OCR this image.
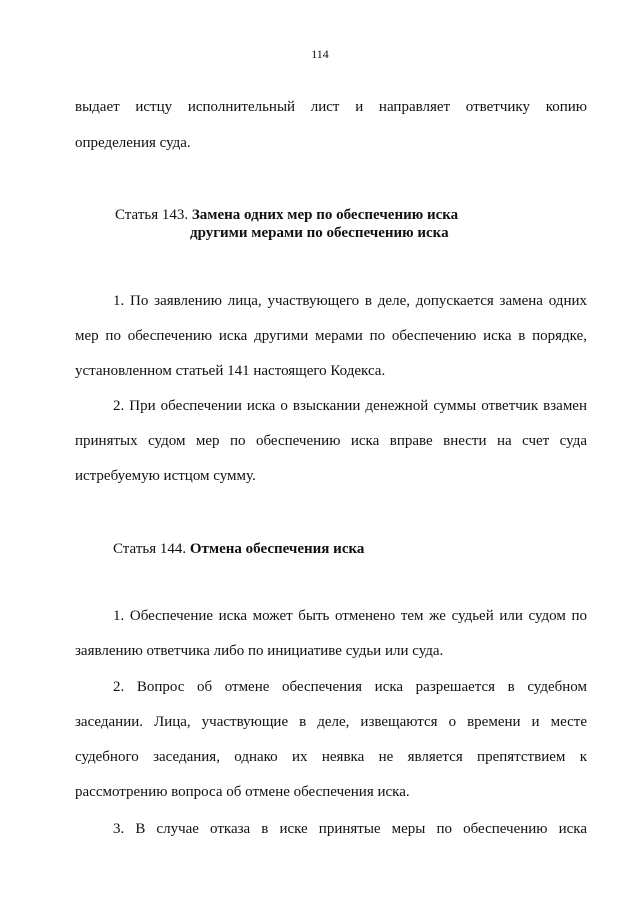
114
выдает истцу исполнительный лист и направляет ответчику копию
определения суда.
Статья 143. Замена одних мер по обеспечению иска
другими мерами по обеспечению иска
1. По заявлению лица, участвующего в деле, допускается замена одних
мер по обеспечению иска другими мерами по обеспечению иска в порядке,
установленном статьей 141 настоящего Кодекса.
2. При обеспечении иска о взыскании денежной суммы ответчик взамен
принятых судом мер по обеспечению иска вправе внести на счет суда
истребуемую истцом сумму.
Статья 144. Отмена обеспечения иска
1. Обеспечение иска может быть отменено тем же судьей или судом по
заявлению ответчика либо по инициативе судьи или суда.
2. Вопрос об отмене обеспечения иска разрешается в судебном
заседании. Лица, участвующие в деле, извещаются о времени и месте
судебного заседания, однако их неявка не является препятствием к
рассмотрению вопроса об отмене обеспечения иска.
3. В случае отказа в иске принятые меры по обеспечению иска
